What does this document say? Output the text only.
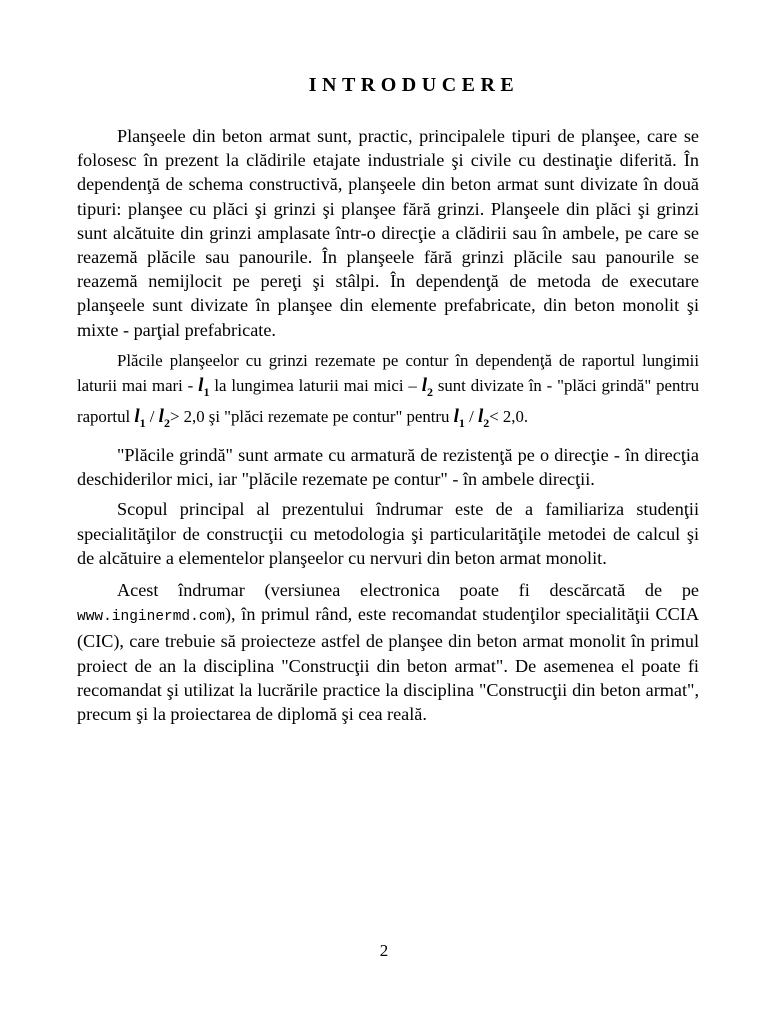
INTRODUCERE

Planşeele din beton armat sunt, practic, principalele tipuri de planşee, care se folosesc în prezent la clădirile etajate industriale şi civile cu destinaţie diferită. În dependenţă de schema constructivă, planşeele din beton armat sunt divizate în două tipuri: planşee cu plăci şi grinzi şi planşee fără grinzi. Planşeele din plăci şi grinzi sunt alcătuite din grinzi amplasate într-o direcţie a clădirii sau în ambele, pe care se reazemă plăcile sau panourile. În planşeele fără grinzi plăcile sau panourile se reazemă nemijlocit pe pereţi şi stâlpi. În dependenţă de metoda de executare planşeele sunt divizate în planşee din elemente prefabricate, din beton monolit şi mixte - parţial prefabricate.

Plăcile planşeelor cu grinzi rezemate pe contur în dependenţă de raportul lungimii laturii mai mari - $l_1$ la lungimea laturii mai mici – $l_2$ sunt divizate în - "plăci grindă" pentru raportul $l_1 / l_2> 2,0$ şi "plăci rezemate pe contur" pentru $l_1 / l_2< 2,0$.

"Plăcile grindă" sunt armate cu armatură de rezistenţă pe o direcţie - în direcţia deschiderilor mici, iar "plăcile rezemate pe contur" - în ambele direcţii.

Scopul principal al prezentului îndrumar este de a familiariza studenţii specialităţilor de construcţii cu metodologia şi particularităţile metodei de calcul şi de alcătuire a elementelor planşeelor cu nervuri din beton armat monolit.

Acest îndrumar (versiunea electronica poate fi descărcată de pe www.inginermd.com), în primul rând, este recomandat studenţilor specialităţii CCIA (CIC), care trebuie să proiecteze astfel de planşee din beton armat monolit în primul proiect de an la disciplina "Construcţii din beton armat". De asemenea el poate fi recomandat şi utilizat la lucrările practice la disciplina "Construcţii din beton armat", precum şi la proiectarea de diplomă şi cea reală.

2
